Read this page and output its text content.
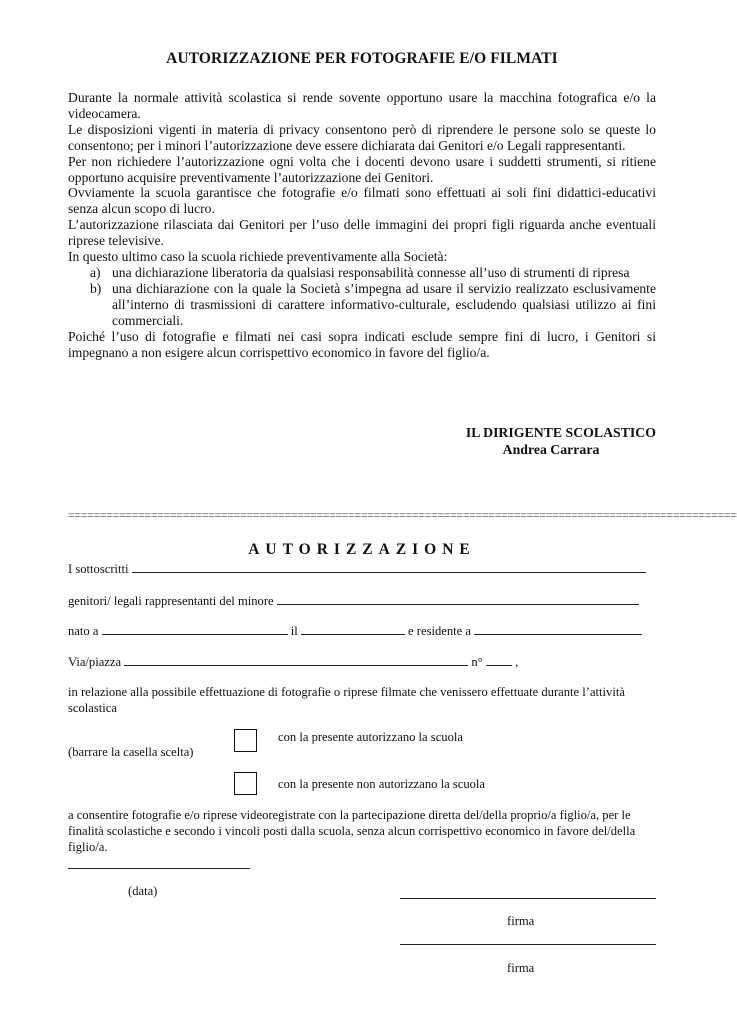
AUTORIZZAZIONE PER FOTOGRAFIE E/O FILMATI

Durante la normale attività scolastica si rende sovente opportuno usare la macchina fotografica e/o la videocamera.

Le disposizioni vigenti in materia di privacy consentono però di riprendere le persone solo se queste lo consentono; per i minori l’autorizzazione deve essere dichiarata dai Genitori e/o Legali rappresentanti.

Per non richiedere l’autorizzazione ogni volta che i docenti devono usare i suddetti strumenti, si ritiene opportuno acquisire preventivamente l’autorizzazione dei Genitori.

Ovviamente la scuola garantisce che fotografie e/o filmati sono effettuati ai soli fini didattici-educativi senza alcun scopo di lucro.

L’autorizzazione rilasciata dai Genitori per l’uso delle immagini dei propri figli riguarda anche eventuali riprese televisive.

In questo ultimo caso la scuola richiede preventivamente alla Società:

a) una dichiarazione liberatoria da qualsiasi responsabilità connesse all’uso di strumenti di ripresa
b) una dichiarazione con la quale la Società s’impegna ad usare il servizio realizzato esclusivamente all’interno di trasmissioni di carattere informativo-culturale, escludendo qualsiasi utilizzo ai fini commerciali.

Poiché l’uso di fotografie e filmati nei casi sopra indicati esclude sempre fini di lucro, i Genitori si impegnano a non esigere alcun corrispettivo economico in favore del figlio/a.

IL DIRIGENTE SCOLASTICO
Andrea Carrara
=========================================================================================================
AUTORIZZAZIONE
I sottoscritti
genitori/ legali rappresentanti del minore
nato a	il	e residente a
Via/piazza	n°	,
in relazione alla possibile effettuazione di fotografie o riprese filmate che venissero effettuate durante l’attività scolastica
(barrare la casella scelta)
con la presente autorizzano la scuola
con la presente non autorizzano la scuola
a consentire fotografie e/o riprese videoregistrate con la partecipazione diretta del/della proprio/a figlio/a, per le finalità scolastiche e secondo i vincoli posti dalla scuola, senza alcun corrispettivo economico in favore del/della figlio/a.
(data)
firma
firma
